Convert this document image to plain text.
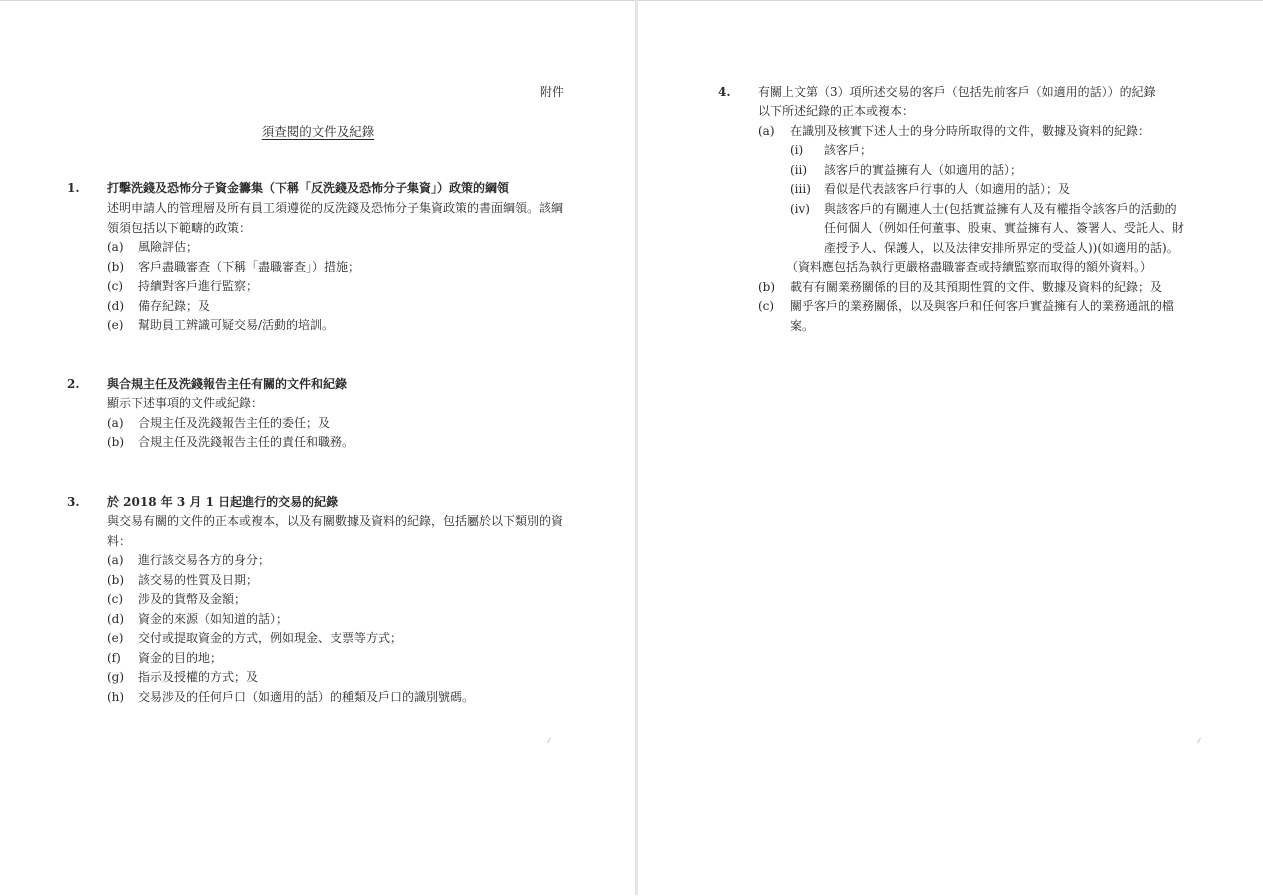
附件
須查閱的文件及紀錄
1. 打擊洗錢及恐怖分子資金籌集（下稱「反洗錢及恐怖分子集資」）政策的綱領
述明申請人的管理層及所有員工須遵從的反洗錢及恐怖分子集資政策的書面綱領。該綱領須包括以下範疇的政策：
(a) 風險評估；
(b) 客戶盡職審查（下稱「盡職審查」）措施；
(c) 持續對客戶進行監察；
(d) 備存紀錄；及
(e) 幫助員工辨識可疑交易/活動的培訓。
2. 與合規主任及洗錢報告主任有關的文件和紀錄
顯示下述事項的文件或紀錄：
(a) 合規主任及洗錢報告主任的委任；及
(b) 合規主任及洗錢報告主任的責任和職務。
3. 於 2018 年 3 月 1 日起進行的交易的紀錄
與交易有關的文件的正本或複本，以及有關數據及資料的紀錄，包括屬於以下類別的資料：
(a) 進行該交易各方的身分；
(b) 該交易的性質及日期；
(c) 涉及的貨幣及金額；
(d) 資金的來源（如知道的話）；
(e) 交付或提取資金的方式，例如現金、支票等方式；
(f) 資金的目的地；
(g) 指示及授權的方式；及
(h) 交易涉及的任何戶口（如適用的話）的種類及戶口的識別號碼。
4. 有關上文第（3）項所述交易的客戶（包括先前客戶（如適用的話））的紀錄
以下所述紀錄的正本或複本：
(a) 在識別及核實下述人士的身分時所取得的文件，數據及資料的紀錄：
(i) 該客戶；
(ii) 該客戶的實益擁有人（如適用的話）；
(iii) 看似是代表該客戶行事的人（如適用的話）；及
(iv) 與該客戶的有關連人士(包括實益擁有人及有權指令該客戶的活動的
任何個人（例如任何董事、股東、實益擁有人、簽署人、受託人、財
產授予人、保護人，以及法律安排所界定的受益人))(如適用的話)。
（資料應包括為執行更嚴格盡職審查或持續監察而取得的額外資料。）
(b) 載有有關業務關係的目的及其預期性質的文件、數據及資料的紀錄；及
(c) 關乎客戶的業務關係，以及與客戶和任何客戶實益擁有人的業務通訊的檔
案。
